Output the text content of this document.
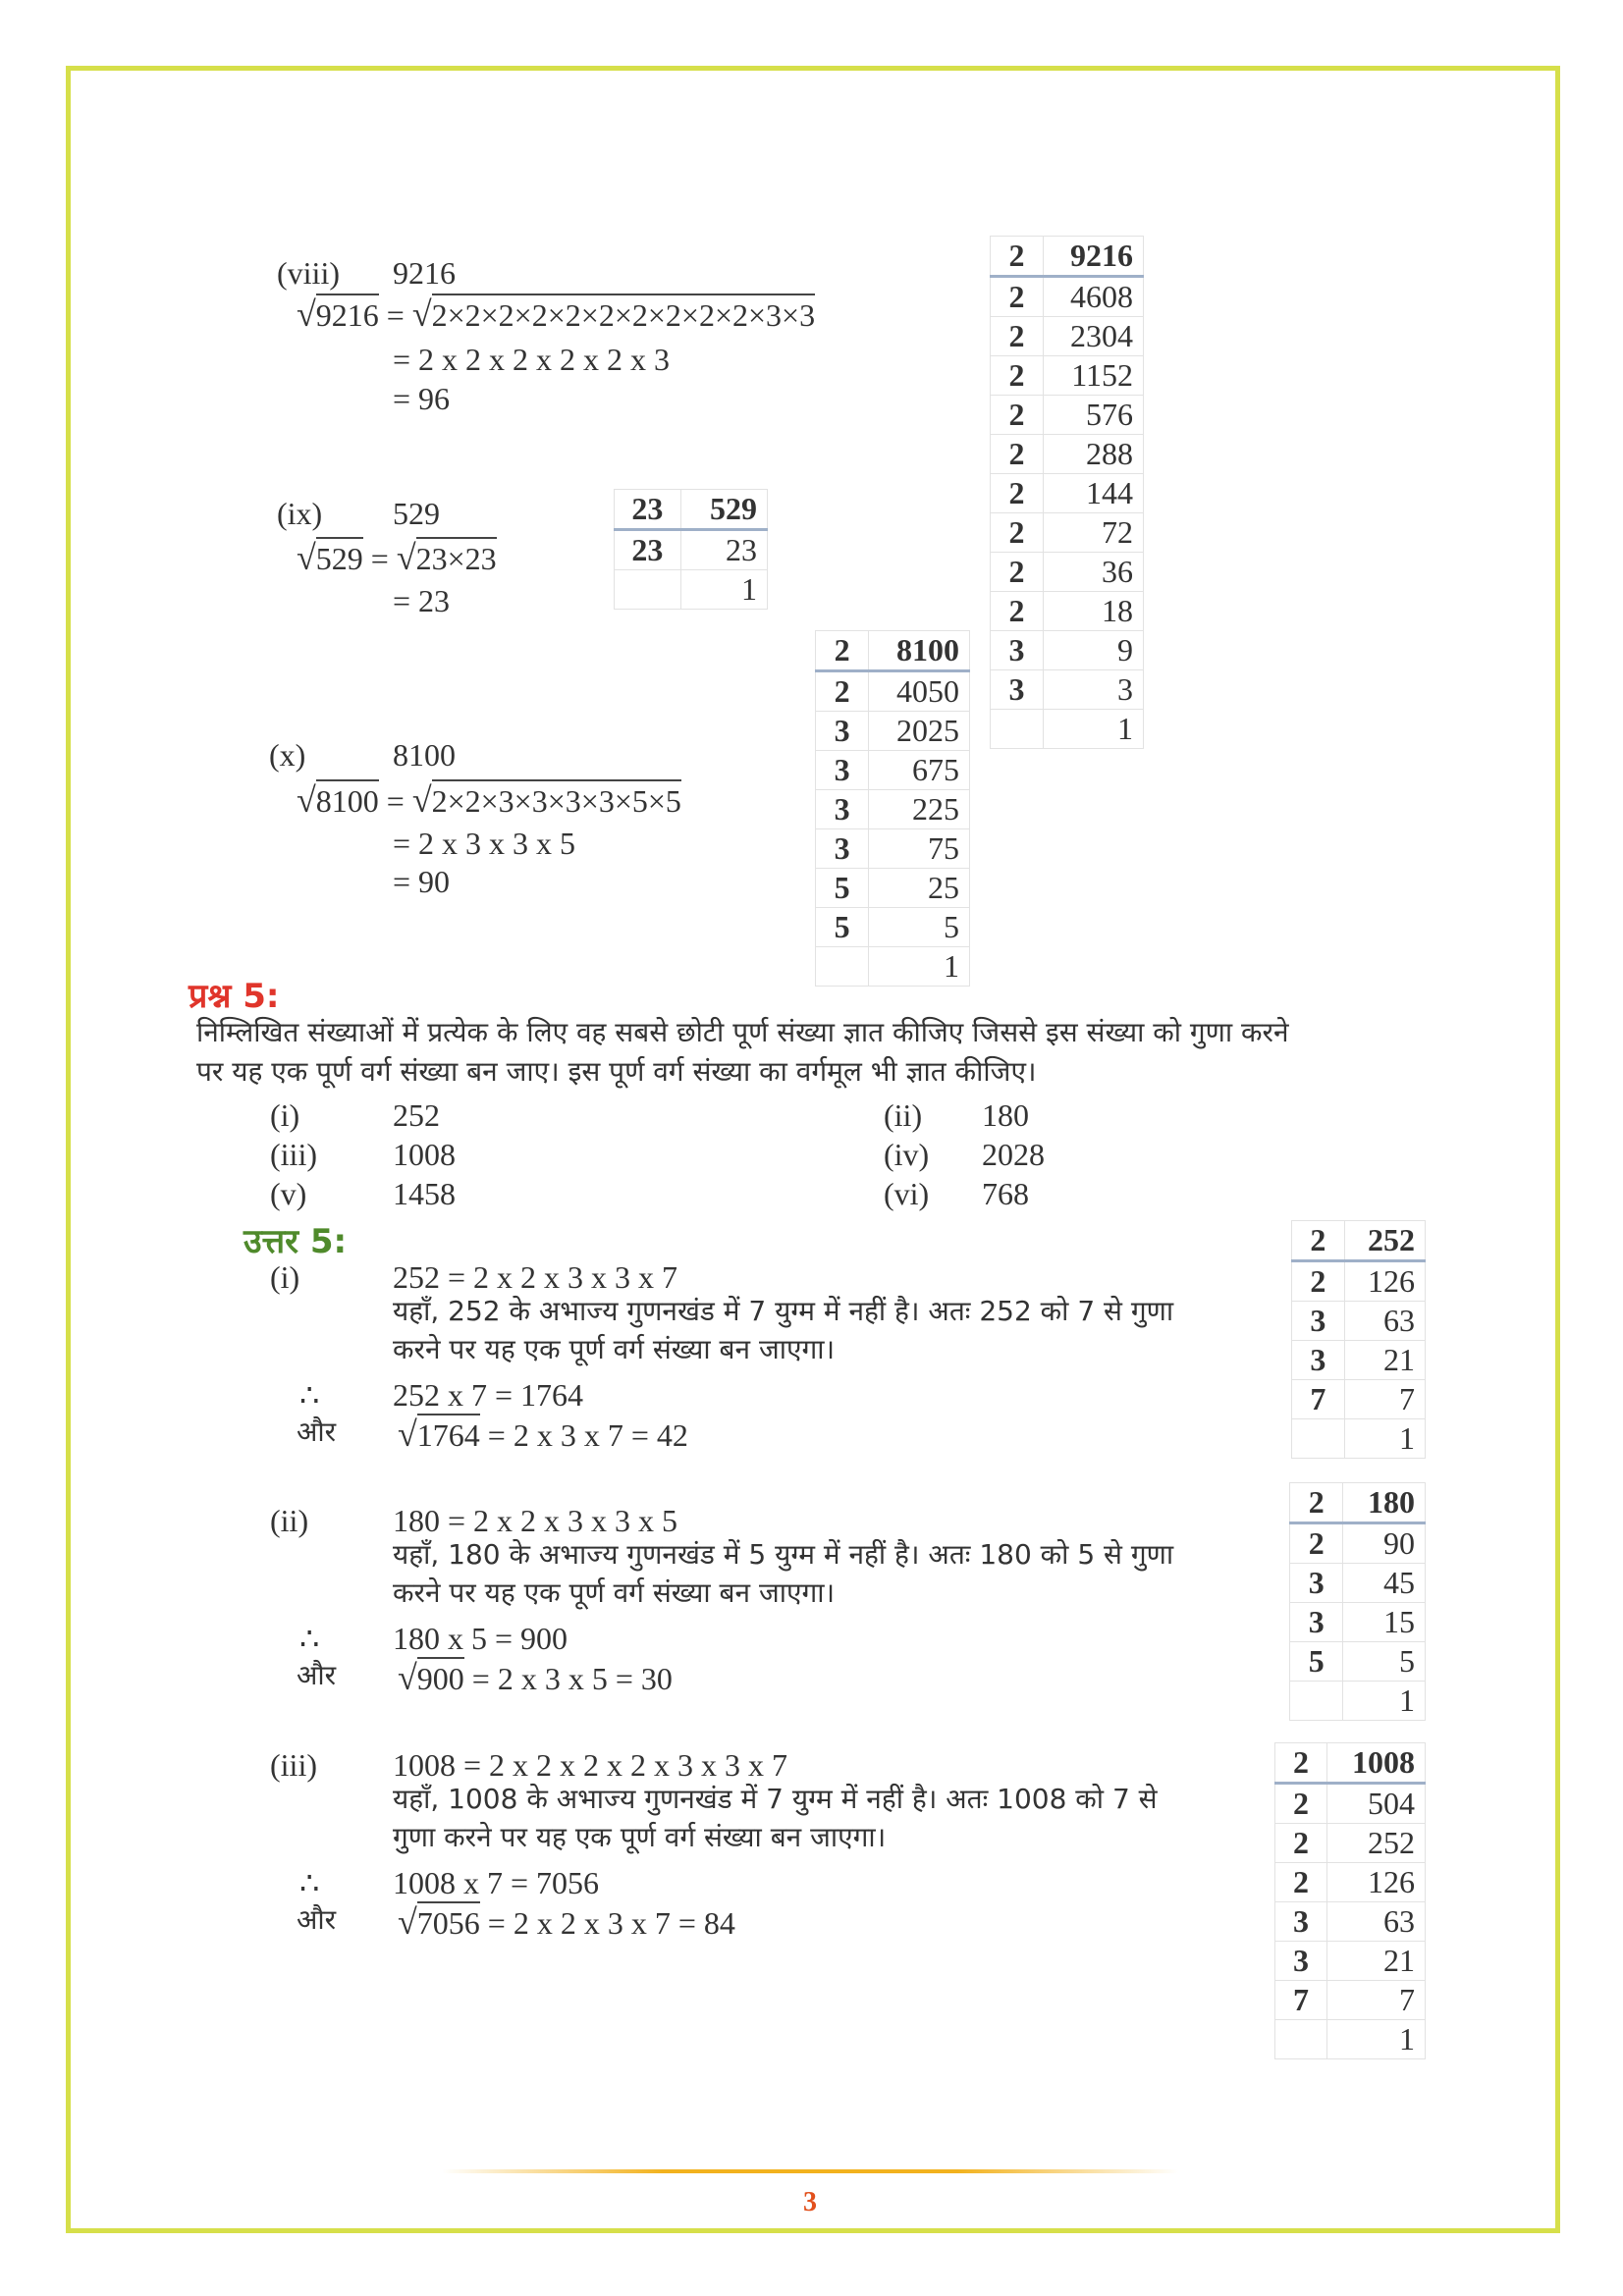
(viii) 9216
√9216 = √2×2×2×2×2×2×2×2×2×2×3×3
= 2 x 2 x 2 x 2 x 2 x 3
= 96
(ix) 529
√529 = √23×23
= 23
(x)	8100
√8100 = √2×2×3×3×3×3×5×5
= 2 x 3 x 3 x 5
= 90
2	9216
2	4608
2	2304
2	1152
2	576
2	288
2	144
2	72
2	36
2	18
3	9
3	3
	1
23	529
23	23
	1
2	8100
2	4050
3	2025
3	675
3	225
3	75
5	25
5	5
	1
प्रश्न 5:
निम्लिखित संख्याओं में प्रत्येक के लिए वह सबसे छोटी पूर्ण संख्या ज्ञात कीजिए जिससे इस संख्या को गुणा करने
पर यह एक पूर्ण वर्ग संख्या बन जाए। इस पूर्ण वर्ग संख्या का वर्गमूल भी ज्ञात कीजिए।
(i)	252	(ii) 180
(iii) 1008	(iv) 2028
(v)	1458	(vi) 768
उत्तर 5:
(i)	252 = 2 x 2 x 3 x 3 x 7
यहाँ, 252 के अभाज्य गुणनखंड में 7 युग्म में नहीं है। अतः 252 को 7 से गुणा
करने पर यह एक पूर्ण वर्ग संख्या बन जाएगा।
∴ 252 x 7 = 1764
और √1764 = 2 x 3 x 7 = 42
(ii)	180 = 2 x 2 x 3 x 3 x 5
यहाँ, 180 के अभाज्य गुणनखंड में 5 युग्म में नहीं है। अतः 180 को 5 से गुणा
करने पर यह एक पूर्ण वर्ग संख्या बन जाएगा।
∴ 180 x 5 = 900
और √900 = 2 x 3 x 5 = 30
(iii) 1008 = 2 x 2 x 2 x 2 x 3 x 3 x 7
यहाँ, 1008 के अभाज्य गुणनखंड में 7 युग्म में नहीं है। अतः 1008 को 7 से
गुणा करने पर यह एक पूर्ण वर्ग संख्या बन जाएगा।
∴ 1008 x 7 = 7056
और √7056 = 2 x 2 x 3 x 7 = 84
2	252
2	126
3	63
3	21
7	7
	1
2	180
2	90
3	45
3	15
5	5
	1
2	1008
2	504
2	252
2	126
3	63
3	21
7	7
	1
3
